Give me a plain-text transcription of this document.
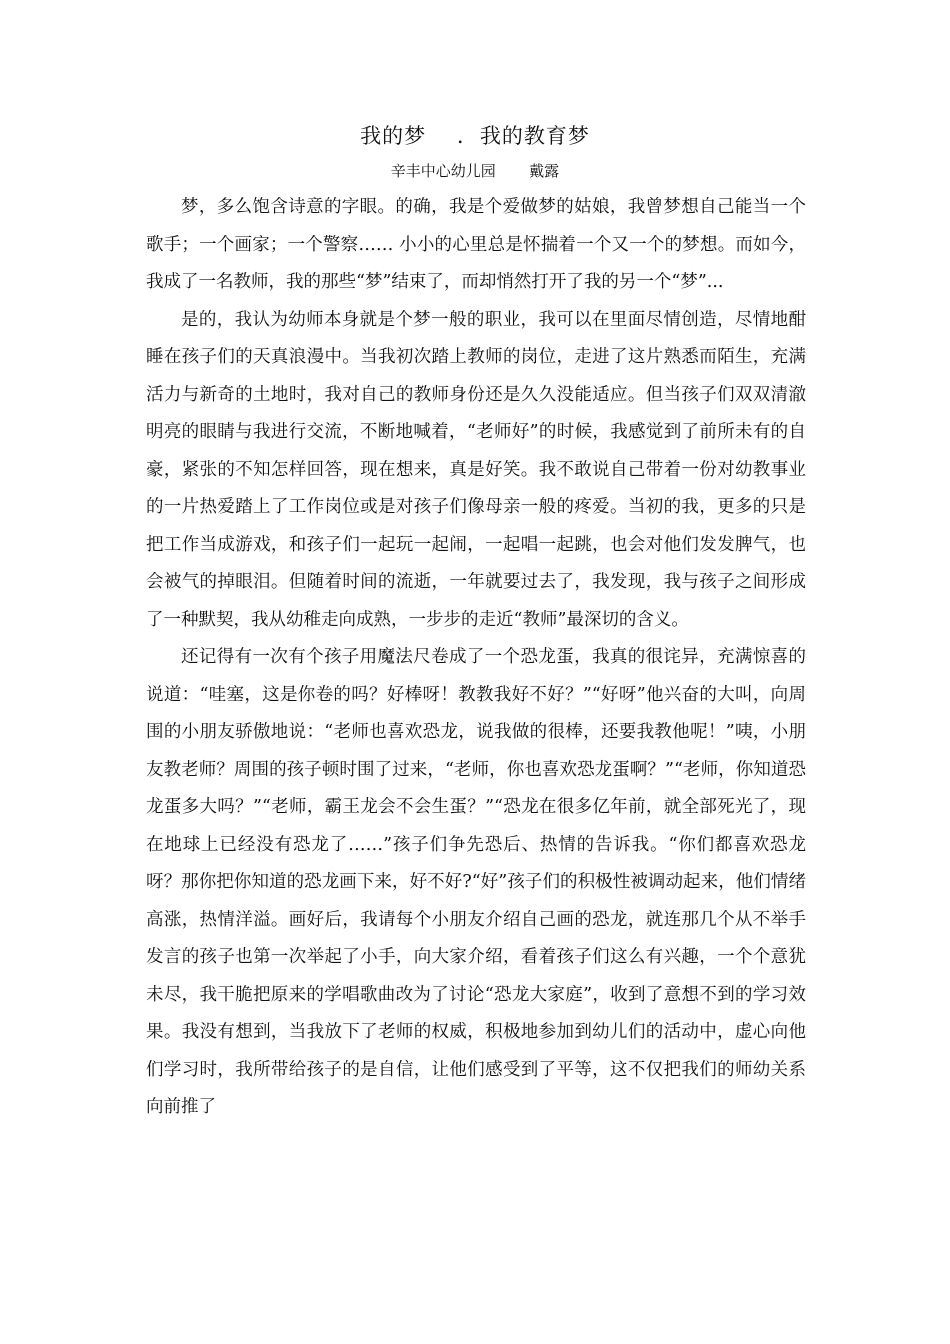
我的梦    .  我的教育梦
辛丰中心幼儿园       戴露

梦，多么饱含诗意的字眼。的确，我是个爱做梦的姑娘，我曾梦想自己能当一个歌手；一个画家；一个警察…… 小小的心里总是怀揣着一个又一个的梦想。而如今，我成了一名教师，我的那些“梦”结束了，而却悄然打开了我的另一个“梦”...

是的，我认为幼师本身就是个梦一般的职业，我可以在里面尽情创造，尽情地酣睡在孩子们的天真浪漫中。当我初次踏上教师的岗位，走进了这片熟悉而陌生，充满活力与新奇的土地时，我对自己的教师身份还是久久没能适应。但当孩子们双双清澈明亮的眼睛与我进行交流，不断地喊着，“老师好”的时候，我感觉到了前所未有的自豪，紧张的不知怎样回答，现在想来，真是好笑。我不敢说自己带着一份对幼教事业的一片热爱踏上了工作岗位或是对孩子们像母亲一般的疼爱。当初的我，更多的只是把工作当成游戏，和孩子们一起玩一起闹，一起唱一起跳，也会对他们发发脾气，也会被气的掉眼泪。但随着时间的流逝，一年就要过去了，我发现，我与孩子之间形成了一种默契，我从幼稚走向成熟，一步步的走近“教师”最深切的含义。

还记得有一次有个孩子用魔法尺卷成了一个恐龙蛋，我真的很诧异，充满惊喜的说道：“哇塞，这是你卷的吗？好棒呀！教教我好不好？”“好呀”他兴奋的大叫，向周围的小朋友骄傲地说：“老师也喜欢恐龙，说我做的很棒，还要我教他呢！”咦，小朋友教老师？周围的孩子顿时围了过来，“老师，你也喜欢恐龙蛋啊？”“老师，你知道恐龙蛋多大吗？”“老师，霸王龙会不会生蛋？”“恐龙在很多亿年前，就全部死光了，现在地球上已经没有恐龙了……”孩子们争先恐后、热情的告诉我。“你们都喜欢恐龙呀？那你把你知道的恐龙画下来，好不好?“好”孩子们的积极性被调动起来，他们情绪高涨，热情洋溢。画好后，我请每个小朋友介绍自己画的恐龙，就连那几个从不举手发言的孩子也第一次举起了小手，向大家介绍，看着孩子们这么有兴趣，一个个意犹未尽，我干脆把原来的学唱歌曲改为了讨论“恐龙大家庭”，收到了意想不到的学习效果。我没有想到，当我放下了老师的权威，积极地参加到幼儿们的活动中，虚心向他们学习时，我所带给孩子的是自信，让他们感受到了平等，这不仅把我们的师幼关系向前推了
